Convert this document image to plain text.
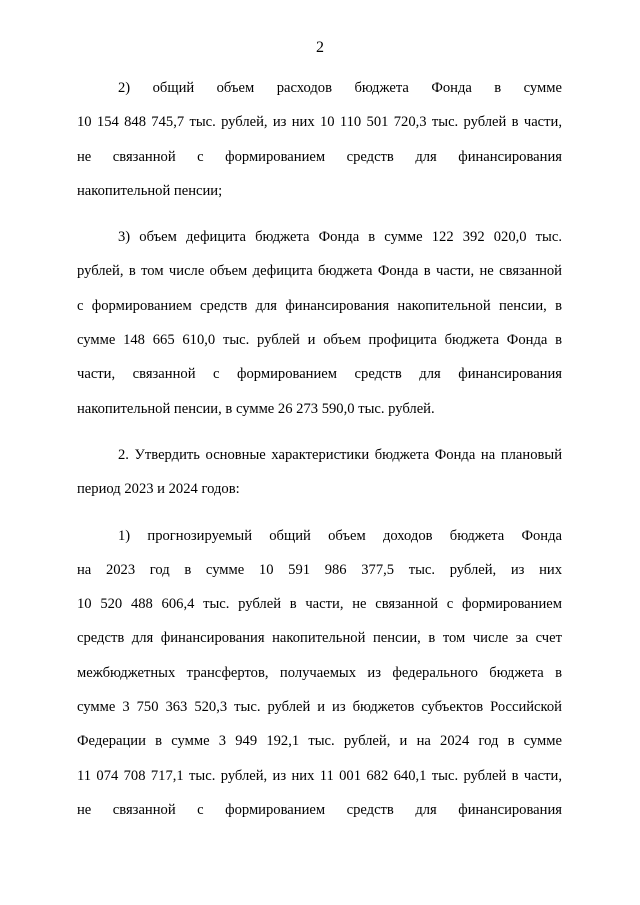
2
2) общий объем расходов бюджета Фонда в сумме
10 154 848 745,7 тыс. рублей, из них 10 110 501 720,3 тыс. рублей в части,
не связанной с формированием средств для финансирования
накопительной пенсии;
3) объем дефицита бюджета Фонда в сумме 122 392 020,0 тыс.
рублей, в том числе объем дефицита бюджета Фонда в части, не связанной
с формированием средств для финансирования накопительной пенсии, в
сумме 148 665 610,0 тыс. рублей и объем профицита бюджета Фонда в
части, связанной с формированием средств для финансирования
накопительной пенсии, в сумме 26 273 590,0 тыс. рублей.
2. Утвердить основные характеристики бюджета Фонда на плановый
период 2023 и 2024 годов:
1) прогнозируемый общий объем доходов бюджета Фонда
на 2023 год в сумме 10 591 986 377,5 тыс. рублей, из них
10 520 488 606,4 тыс. рублей в части, не связанной с формированием
средств для финансирования накопительной пенсии, в том числе за счет
межбюджетных трансфертов, получаемых из федерального бюджета в
сумме 3 750 363 520,3 тыс. рублей и из бюджетов субъектов Российской
Федерации в сумме 3 949 192,1 тыс. рублей, и на 2024 год в сумме
11 074 708 717,1 тыс. рублей, из них 11 001 682 640,1 тыс. рублей в части,
не связанной с формированием средств для финансирования
